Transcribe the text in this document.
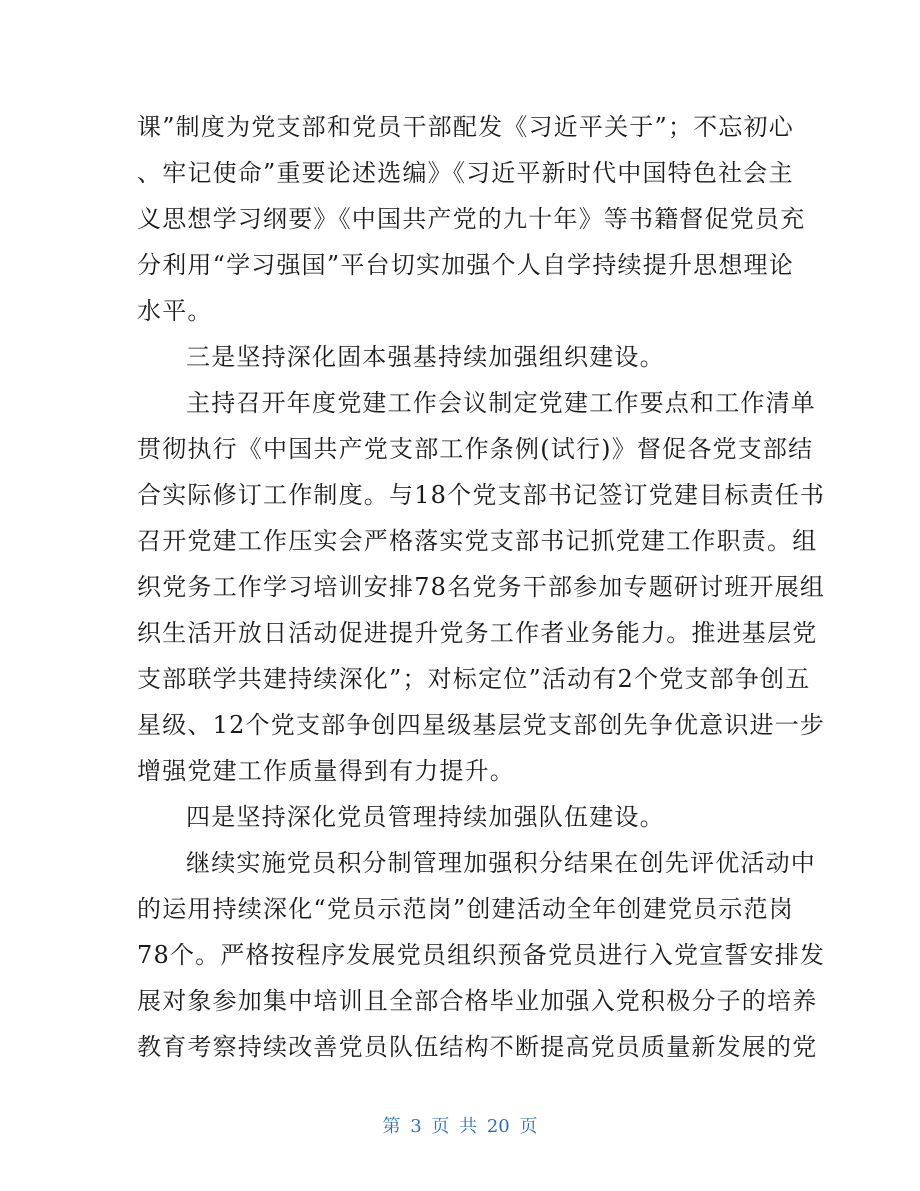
课”制度为党支部和党员干部配发《习近平关于”；不忘初心
、牢记使命”重要论述选编》《习近平新时代中国特色社会主
义思想学习纲要》《中国共产党的九十年》等书籍督促党员充
分利用“学习强国”平台切实加强个人自学持续提升思想理论
水平。
三是坚持深化固本强基持续加强组织建设。
主持召开年度党建工作会议制定党建工作要点和工作清单
贯彻执行《中国共产党支部工作条例(试行)》督促各党支部结
合实际修订工作制度。与18个党支部书记签订党建目标责任书
召开党建工作压实会严格落实党支部书记抓党建工作职责。组
织党务工作学习培训安排78名党务干部参加专题研讨班开展组
织生活开放日活动促进提升党务工作者业务能力。推进基层党
支部联学共建持续深化”；对标定位”活动有2个党支部争创五
星级、12个党支部争创四星级基层党支部创先争优意识进一步
增强党建工作质量得到有力提升。
四是坚持深化党员管理持续加强队伍建设。
继续实施党员积分制管理加强积分结果在创先评优活动中
的运用持续深化“党员示范岗”创建活动全年创建党员示范岗
78个。严格按程序发展党员组织预备党员进行入党宣誓安排发
展对象参加集中培训且全部合格毕业加强入党积极分子的培养
教育考察持续改善党员队伍结构不断提高党员质量新发展的党
第 3 页 共 20 页
